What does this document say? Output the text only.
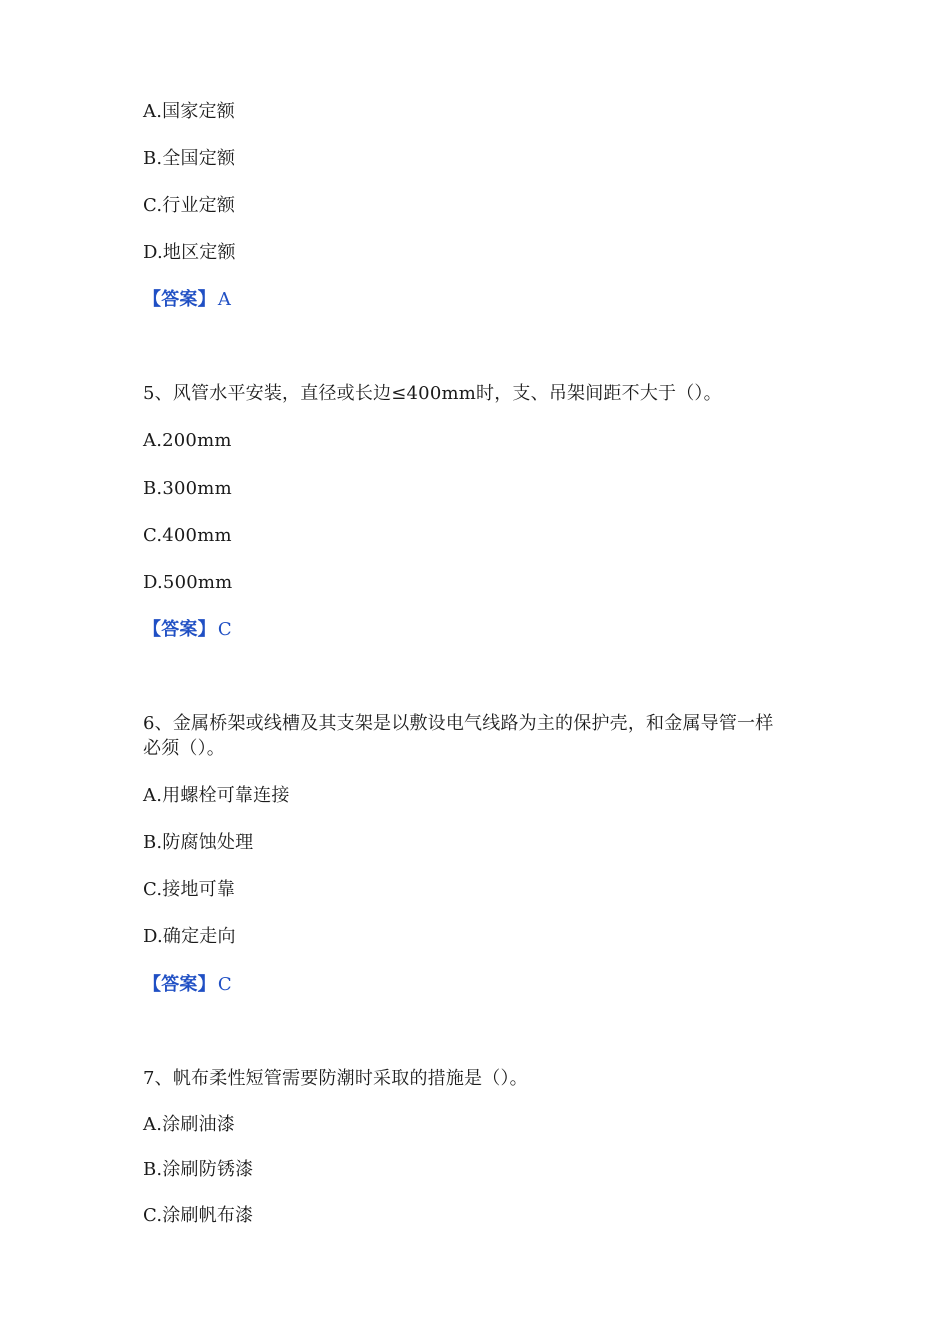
A.国家定额
B.全国定额
C.行业定额
D.地区定额
【答案】 A
5、风管水平安装，直径或长边≤400mm时，支、吊架间距不大于（）。
A.200mm
B.300mm
C.400mm
D.500mm
【答案】 C
6、金属桥架或线槽及其支架是以敷设电气线路为主的保护壳，和金属导管一样
必须（）。
A.用螺栓可靠连接
B.防腐蚀处理
C.接地可靠
D.确定走向
【答案】 C
7、帆布柔性短管需要防潮时采取的措施是（）。
A.涂刷油漆
B.涂刷防锈漆
C.涂刷帆布漆
